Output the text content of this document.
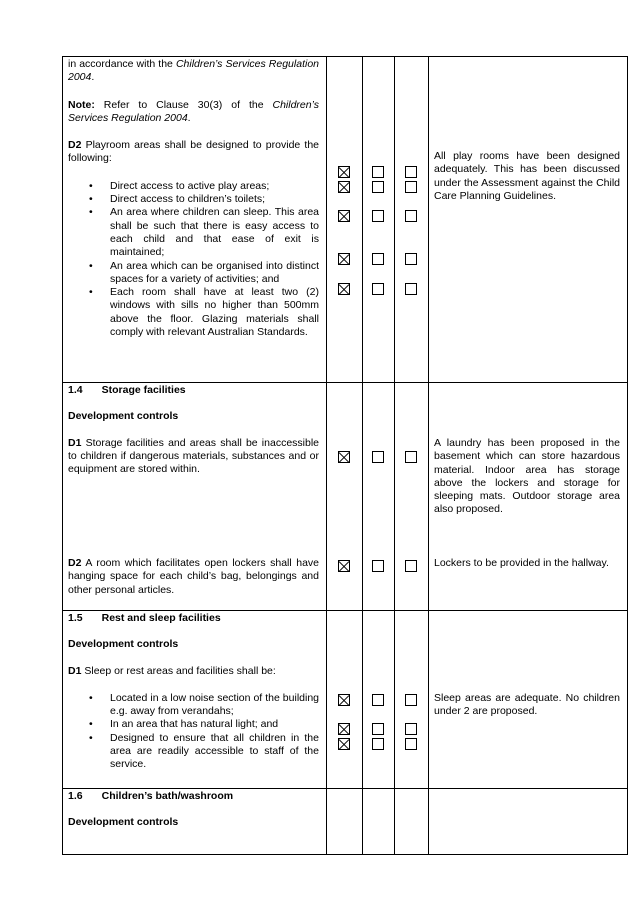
in accordance with the Children’s Services Regulation 2004.

Note: Refer to Clause 30(3) of the Children’s Services Regulation 2004.

D2 Playroom areas shall be designed to provide the following:

• Direct access to active play areas;
• Direct access to children’s toilets;
• An area where children can sleep. This area shall be such that there is easy access to each child and that ease of exit is maintained;
• An area which can be organised into distinct spaces for a variety of activities; and
• Each room shall have at least two (2) windows with sills no higher than 500mm above the floor. Glazing materials shall comply with relevant Australian Standards.
All play rooms have been designed adequately. This has been discussed under the Assessment against the Child Care Planning Guidelines.

1.4 Storage facilities

Development controls

D1 Storage facilities and areas shall be inaccessible to children if dangerous materials, substances and or equipment are stored within.

D2 A room which facilitates open lockers shall have hanging space for each child’s bag, belongings and other personal articles.

A laundry has been proposed in the basement which can store hazardous material. Indoor area has storage above the lockers and storage for sleeping mats. Outdoor storage area also proposed.
Lockers to be provided in the hallway.

1.5 Rest and sleep facilities

Development controls

D1 Sleep or rest areas and facilities shall be:

• Located in a low noise section of the building e.g. away from verandahs;
• In an area that has natural light; and
• Designed to ensure that all children in the area are readily accessible to staff of the service.
Sleep areas are adequate. No children under 2 are proposed.

1.6 Children’s bath/washroom

Development controls
